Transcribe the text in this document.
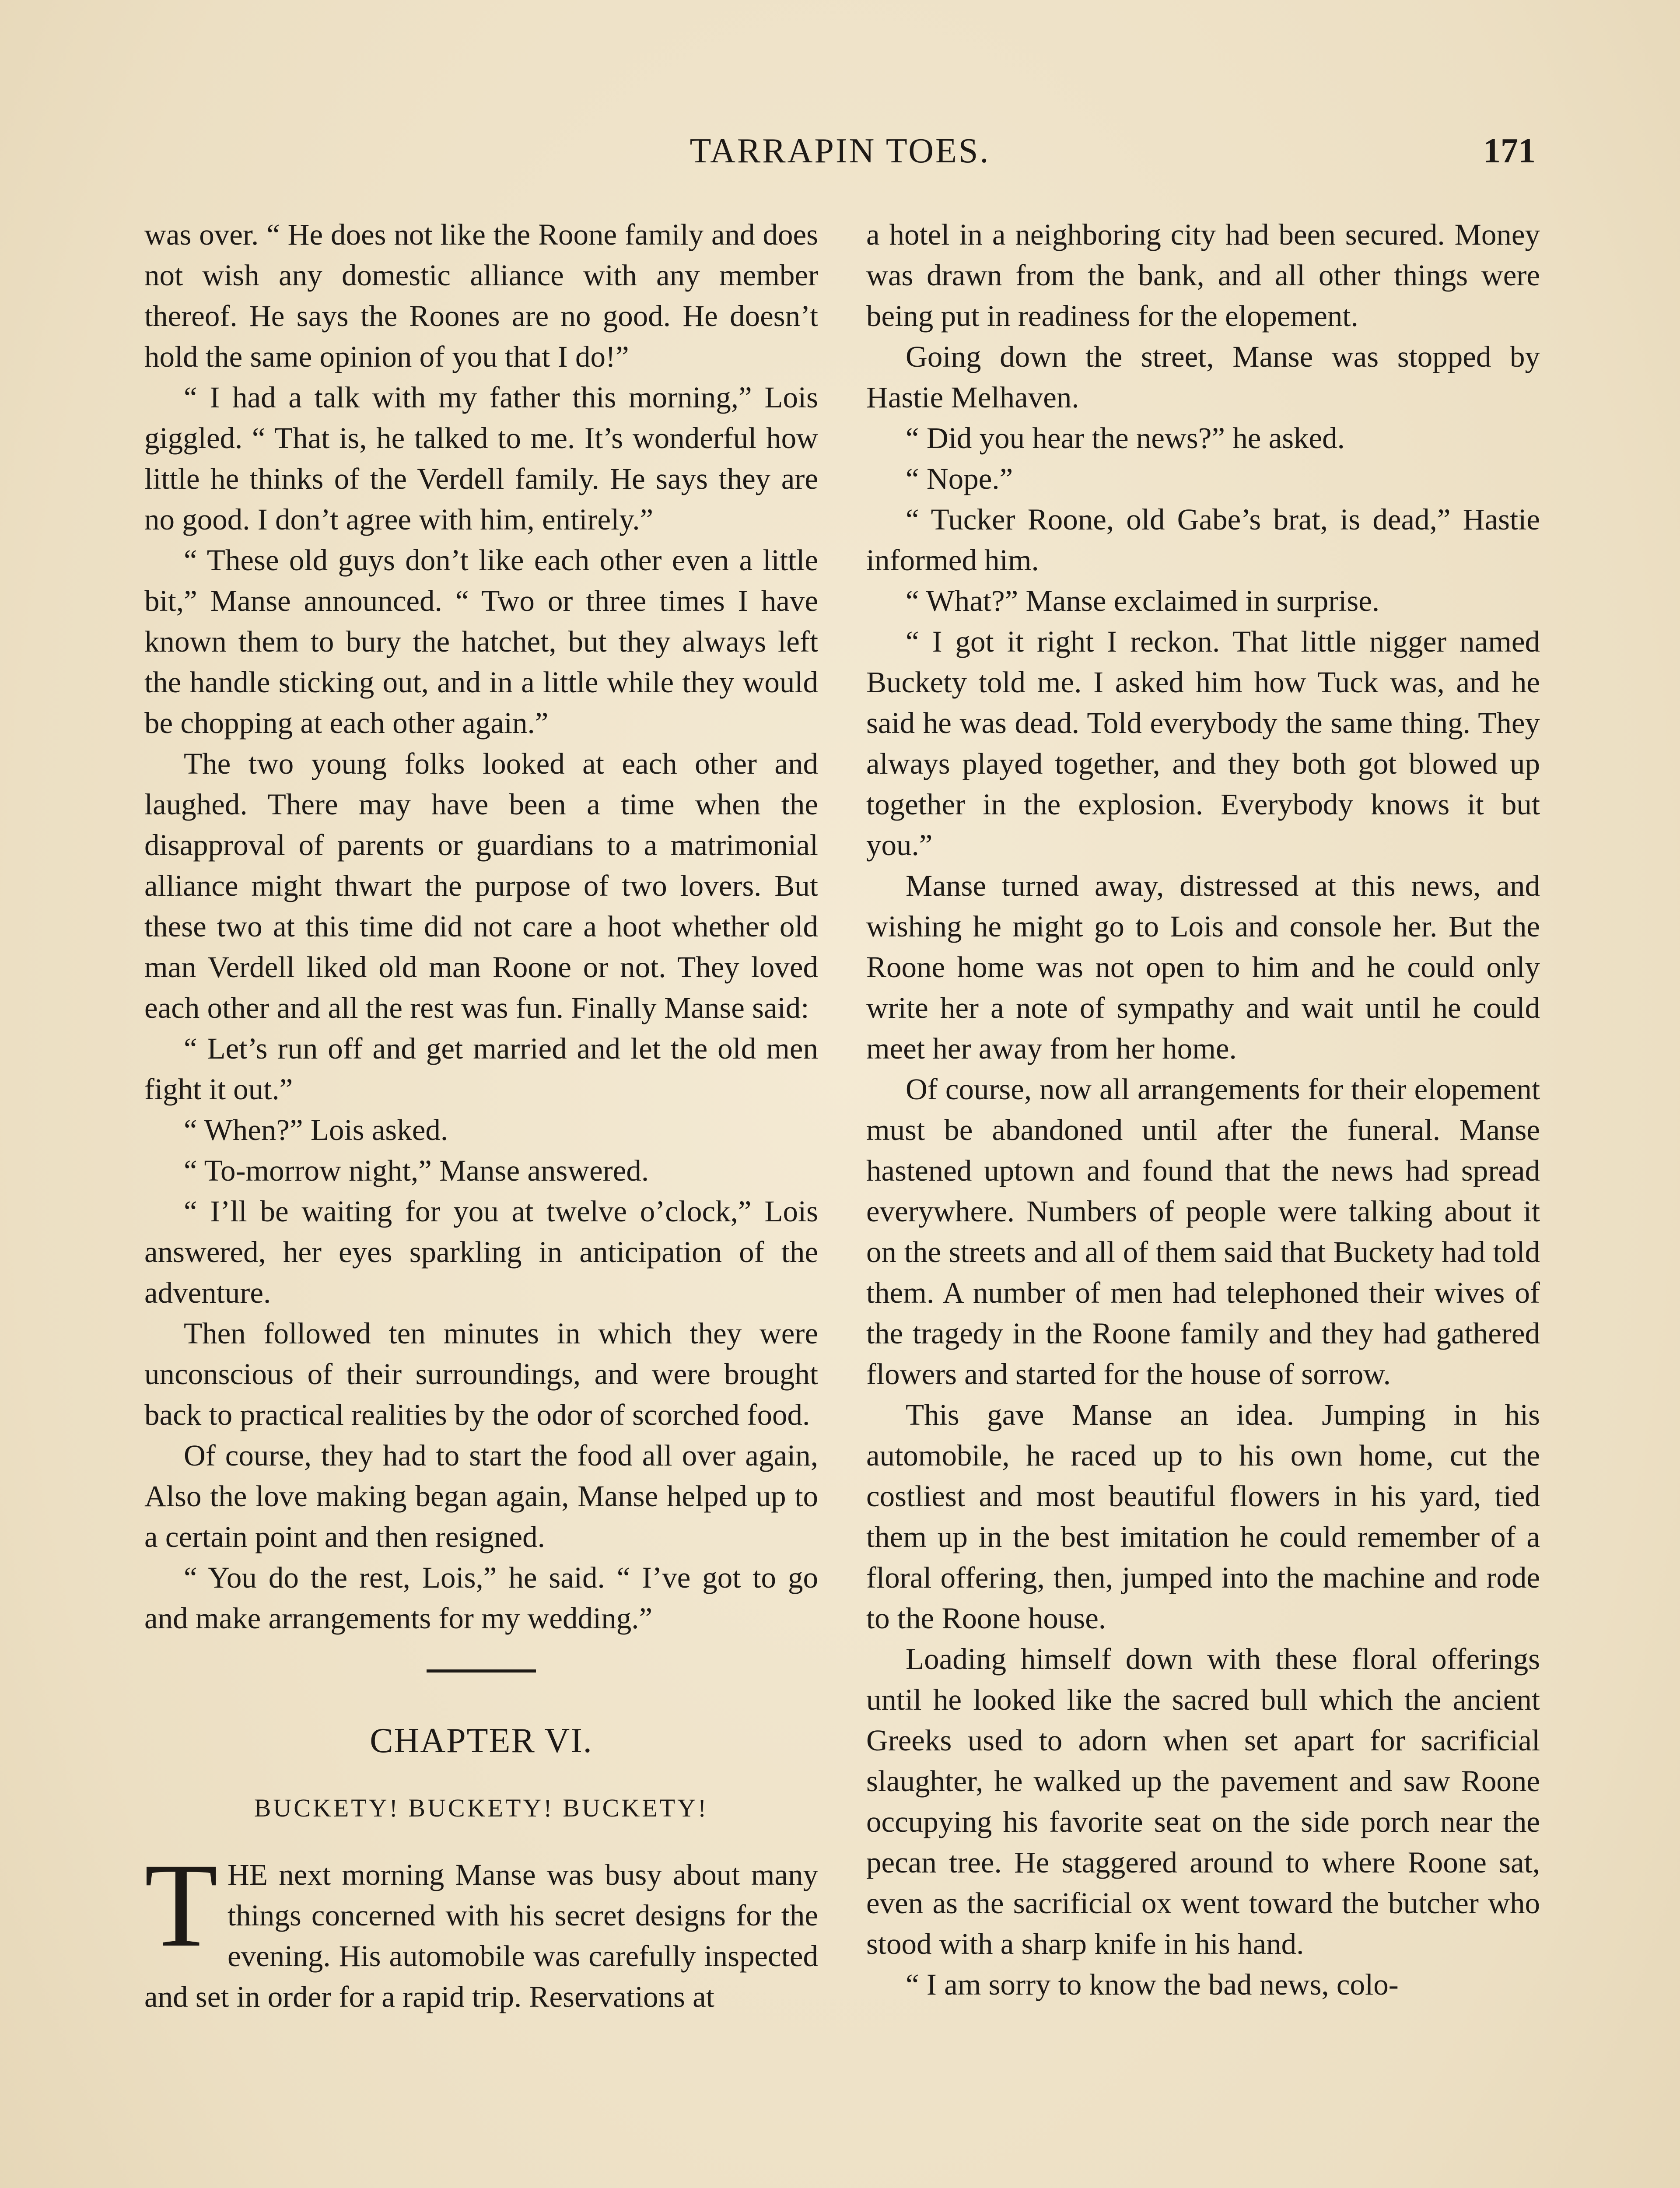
TARRAPIN TOES.	171

was over. “ He does not like the Roone family and does not wish any domestic alliance with any member thereof. He says the Roones are no good. He doesn’t hold the same opinion of you that I do!”

“ I had a talk with my father this morning,” Lois giggled. “ That is, he talked to me. It’s wonderful how little he thinks of the Verdell family. He says they are no good. I don’t agree with him, entirely.”

“ These old guys don’t like each other even a little bit,” Manse announced. “ Two or three times I have known them to bury the hatchet, but they always left the handle sticking out, and in a little while they would be chopping at each other again.”

The two young folks looked at each other and laughed. There may have been a time when the disapproval of parents or guardians to a matrimonial alliance might thwart the purpose of two lovers. But these two at this time did not care a hoot whether old man Verdell liked old man Roone or not. They loved each other and all the rest was fun. Finally Manse said:

“ Let’s run off and get married and let the old men fight it out.”

“ When?” Lois asked.

“ To-morrow night,” Manse answered.

“ I’ll be waiting for you at twelve o’clock,” Lois answered, her eyes sparkling in anticipation of the adventure.

Then followed ten minutes in which they were unconscious of their surroundings, and were brought back to practical realities by the odor of scorched food.

Of course, they had to start the food all over again, Also the love making began again, Manse helped up to a certain point and then resigned.

“ You do the rest, Lois,” he said. “ I’ve got to go and make arrangements for my wedding.”

CHAPTER VI.
BUCKETY! BUCKETY! BUCKETY!

THE next morning Manse was busy about many things concerned with his secret designs for the evening. His automobile was carefully inspected and set in order for a rapid trip. Reservations at

a hotel in a neighboring city had been secured. Money was drawn from the bank, and all other things were being put in readiness for the elopement.

Going down the street, Manse was stopped by Hastie Melhaven.

“ Did you hear the news?” he asked.

“ Nope.”

“ Tucker Roone, old Gabe’s brat, is dead,” Hastie informed him.

“ What?” Manse exclaimed in surprise.

“ I got it right I reckon. That little nigger named Buckety told me. I asked him how Tuck was, and he said he was dead. Told everybody the same thing. They always played together, and they both got blowed up together in the explosion. Everybody knows it but you.”

Manse turned away, distressed at this news, and wishing he might go to Lois and console her. But the Roone home was not open to him and he could only write her a note of sympathy and wait until he could meet her away from her home.

Of course, now all arrangements for their elopement must be abandoned until after the funeral. Manse hastened uptown and found that the news had spread everywhere. Numbers of people were talking about it on the streets and all of them said that Buckety had told them. A number of men had telephoned their wives of the tragedy in the Roone family and they had gathered flowers and started for the house of sorrow.

This gave Manse an idea. Jumping in his automobile, he raced up to his own home, cut the costliest and most beautiful flowers in his yard, tied them up in the best imitation he could remember of a floral offering, then, jumped into the machine and rode to the Roone house.

Loading himself down with these floral offerings until he looked like the sacred bull which the ancient Greeks used to adorn when set apart for sacrificial slaughter, he walked up the pavement and saw Roone occupying his favorite seat on the side porch near the pecan tree. He staggered around to where Roone sat, even as the sacrificial ox went toward the butcher who stood with a sharp knife in his hand.

“ I am sorry to know the bad news, colo-
